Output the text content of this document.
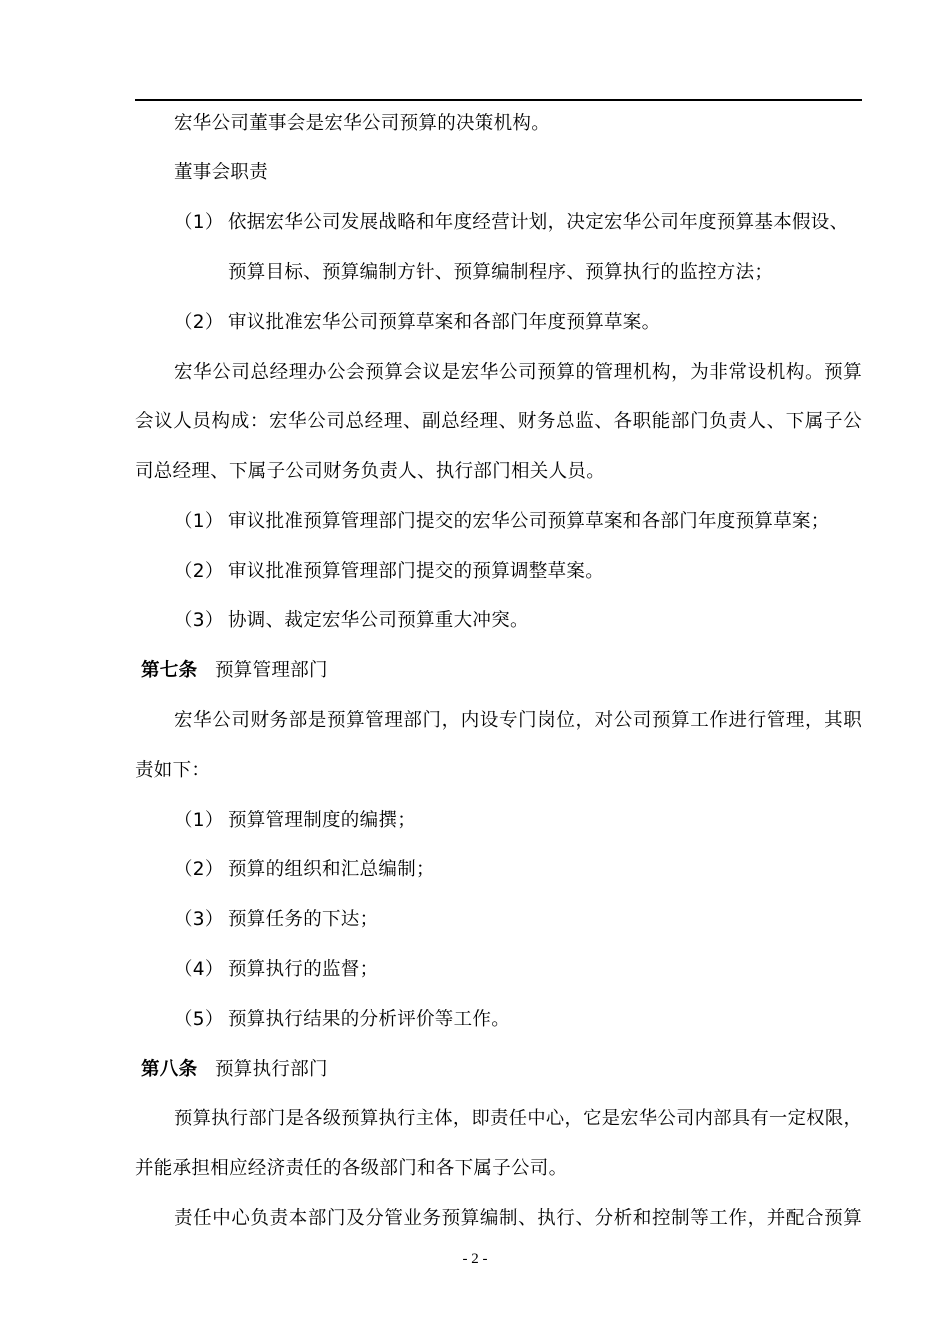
宏华公司董事会是宏华公司预算的决策机构。
董事会职责
（1） 依据宏华公司发展战略和年度经营计划，决定宏华公司年度预算基本假设、
预算目标、预算编制方针、预算编制程序、预算执行的监控方法；
（2） 审议批准宏华公司预算草案和各部门年度预算草案。
宏华公司总经理办公会预算会议是宏华公司预算的管理机构，为非常设机构。预算
会议人员构成：宏华公司总经理、副总经理、财务总监、各职能部门负责人、下属子公
司总经理、下属子公司财务负责人、执行部门相关人员。
（1） 审议批准预算管理部门提交的宏华公司预算草案和各部门年度预算草案；
（2） 审议批准预算管理部门提交的预算调整草案。
（3） 协调、裁定宏华公司预算重大冲突。
第七条 预算管理部门
宏华公司财务部是预算管理部门，内设专门岗位，对公司预算工作进行管理，其职
责如下：
（1） 预算管理制度的编撰；
（2） 预算的组织和汇总编制；
（3） 预算任务的下达；
（4） 预算执行的监督；
（5） 预算执行结果的分析评价等工作。
第八条 预算执行部门
预算执行部门是各级预算执行主体，即责任中心，它是宏华公司内部具有一定权限，
并能承担相应经济责任的各级部门和各下属子公司。
责任中心负责本部门及分管业务预算编制、执行、分析和控制等工作，并配合预算
- 2 -
